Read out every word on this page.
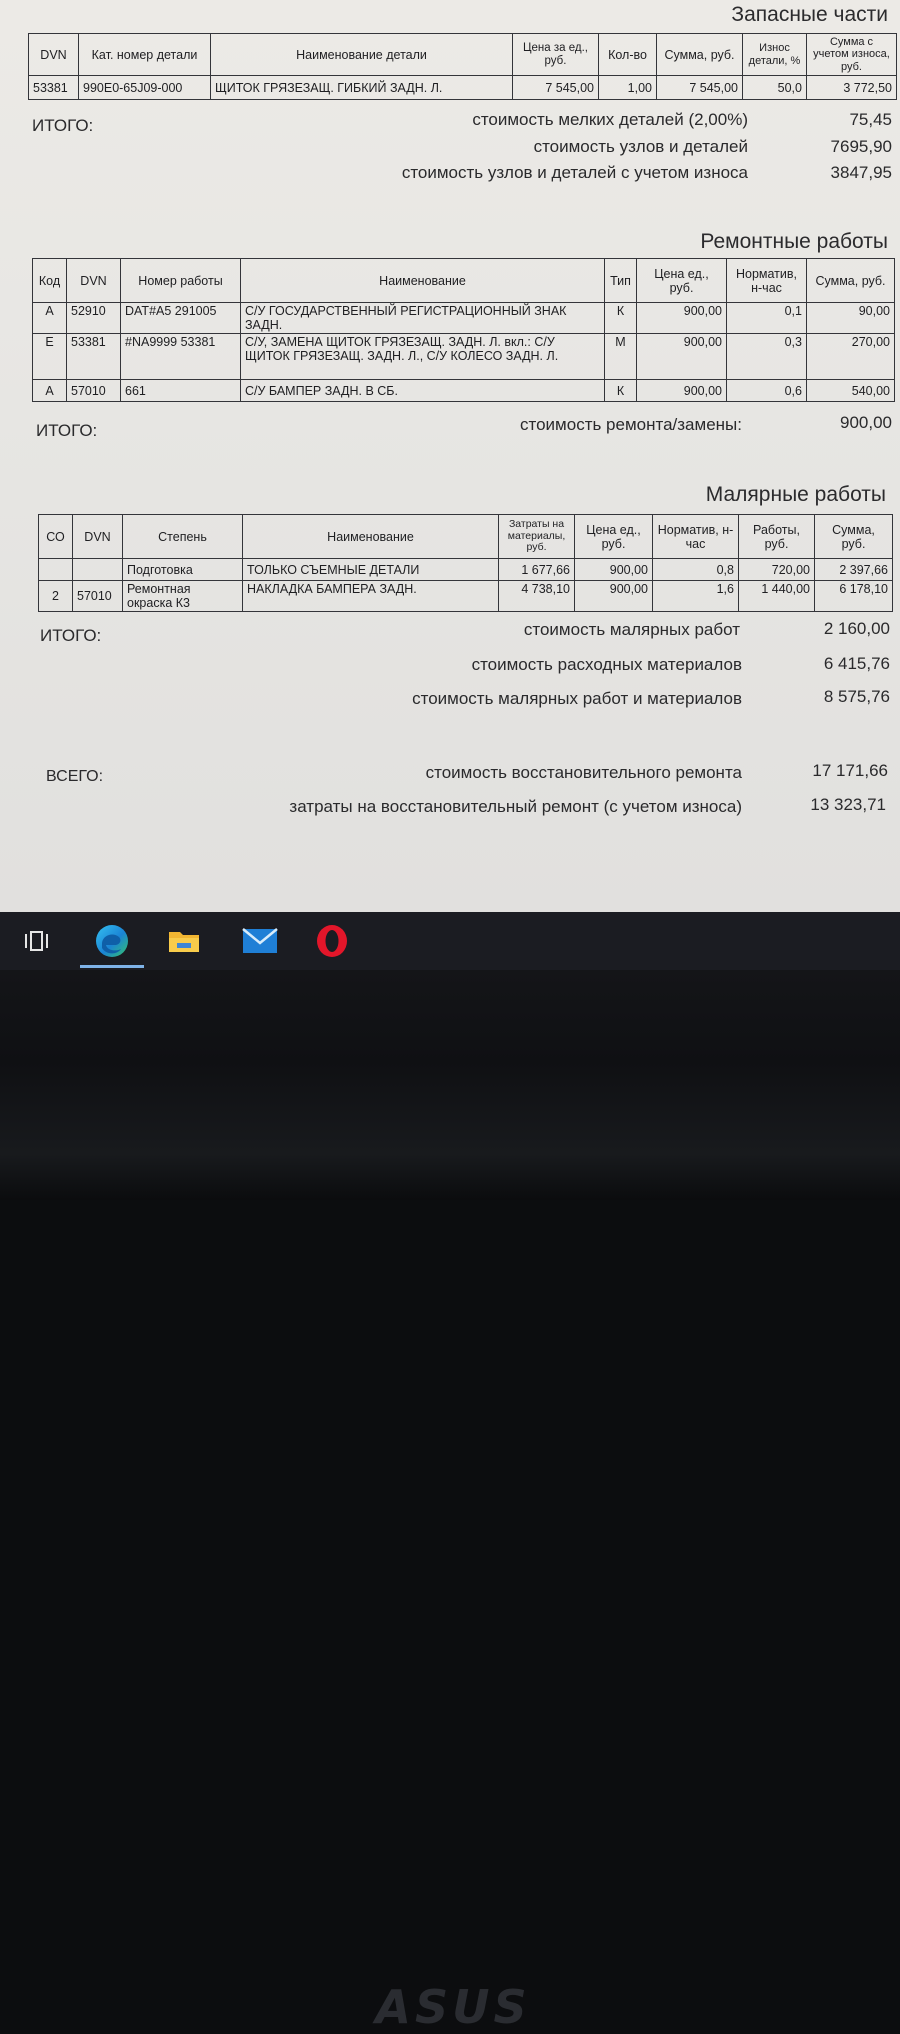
Запасные части
DVN	Кат. номер детали	Наименование детали	Цена за ед., руб.	Кол-во	Сумма, руб.	Износ детали, %	Сумма с учетом износа, руб.
53381	990E0-65J09-000	ЩИТОК ГРЯЗЕЗАЩ. ГИБКИЙ ЗАДН. Л.	7 545,00	1,00	7 545,00	50,0	3 772,50
ИТОГО:	стоимость мелких деталей (2,00%)	75,45
стоимость узлов и деталей	7695,90
стоимость узлов и деталей с учетом износа	3847,95
Ремонтные работы
Код	DVN	Номер работы	Наименование	Тип	Цена ед., руб.	Норматив, н-час	Сумма, руб.
А	52910	DAT#A5 291005	С/У ГОСУДАРСТВЕННЫЙ РЕГИСТРАЦИОННЫЙ ЗНАК ЗАДН.	К	900,00	0,1	90,00
Е	53381	#NA9999 53381	С/У, ЗАМЕНА ЩИТОК ГРЯЗЕЗАЩ. ЗАДН. Л. вкл.: С/У ЩИТОК ГРЯЗЕЗАЩ. ЗАДН. Л., С/У КОЛЕСО ЗАДН. Л.	М	900,00	0,3	270,00
А	57010	661	С/У БАМПЕР ЗАДН. В СБ.	К	900,00	0,6	540,00
ИТОГО:	стоимость ремонта/замены:	900,00
Малярные работы
СО	DVN	Степень	Наименование	Затраты на материалы, руб.	Цена ед., руб.	Норматив, н-час	Работы, руб.	Сумма, руб.
		Подготовка	ТОЛЬКО СЪЕМНЫЕ ДЕТАЛИ	1 677,66	900,00	0,8	720,00	2 397,66
2	57010	Ремонтная окраска К3	НАКЛАДКА БАМПЕРА ЗАДН.	4 738,10	900,00	1,6	1 440,00	6 178,10
ИТОГО:	стоимость малярных работ	2 160,00
стоимость расходных материалов	6 415,76
стоимость малярных работ и материалов	8 575,76
ВСЕГО:	стоимость восстановительного ремонта	17 171,66
затраты на восстановительный ремонт (с учетом износа)	13 323,71
ASUS
